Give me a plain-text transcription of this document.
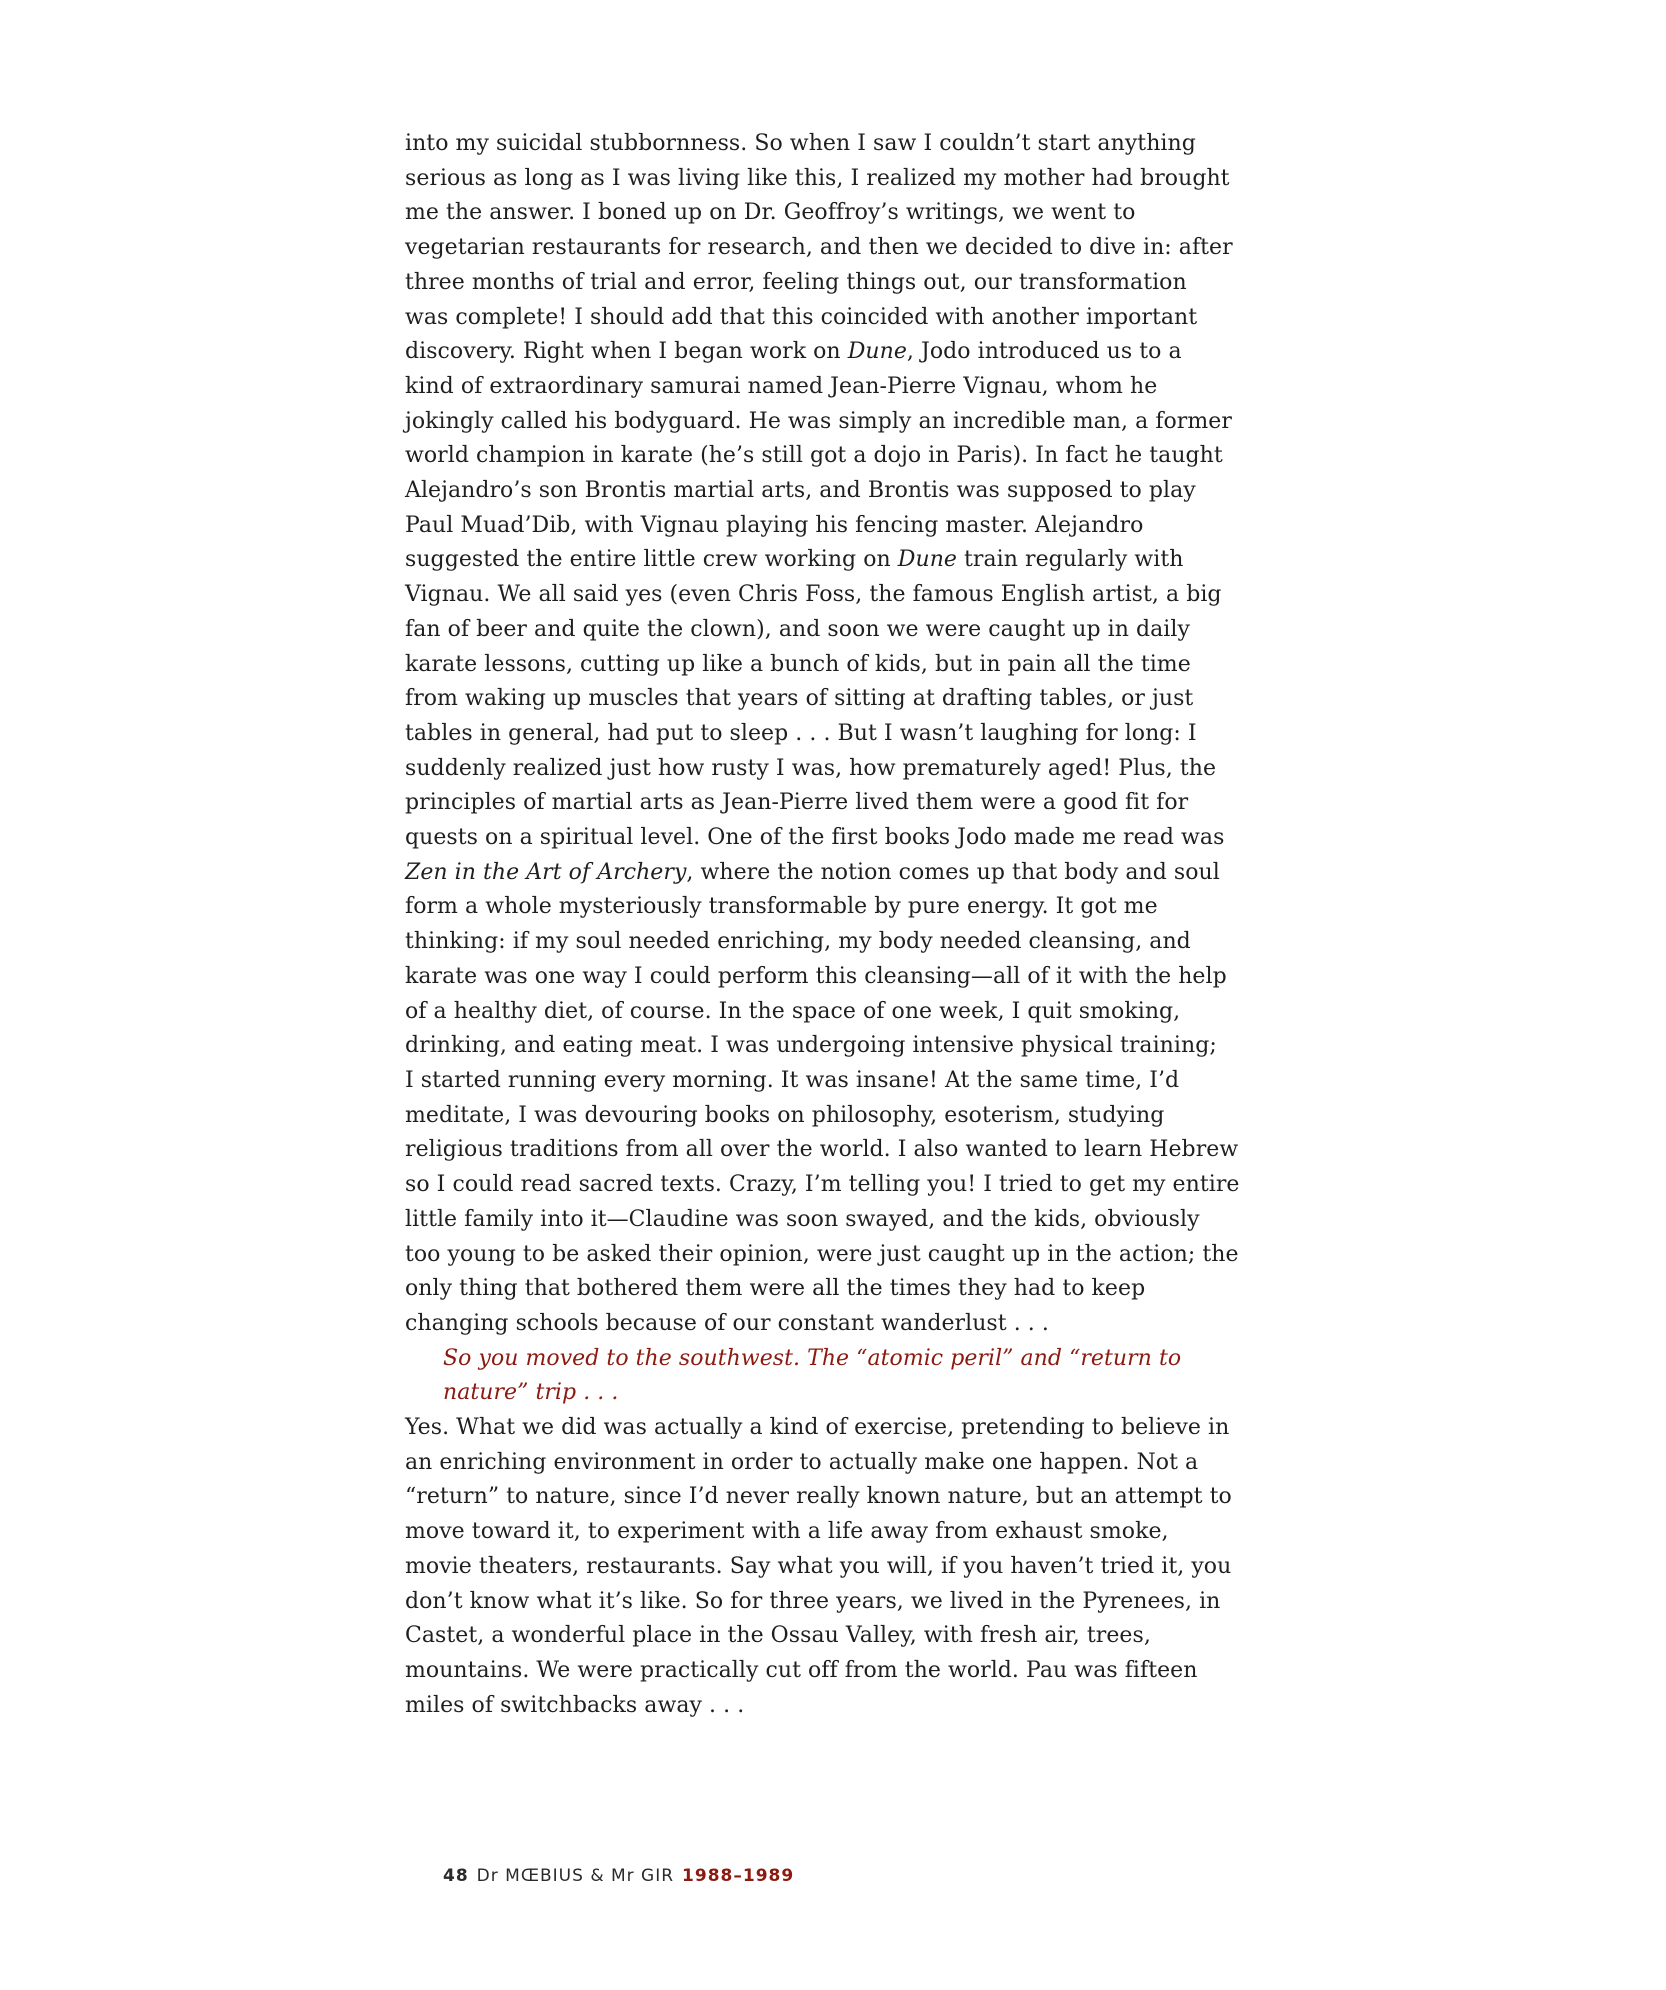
into my suicidal stubbornness. So when I saw I couldn’t start anything
serious as long as I was living like this, I realized my mother had brought
me the answer. I boned up on Dr. Geoffroy’s writings, we went to
vegetarian restaurants for research, and then we decided to dive in: after
three months of trial and error, feeling things out, our transformation
was complete! I should add that this coincided with another important
discovery. Right when I began work on Dune, Jodo introduced us to a
kind of extraordinary samurai named Jean-Pierre Vignau, whom he
jokingly called his bodyguard. He was simply an incredible man, a former
world champion in karate (he’s still got a dojo in Paris). In fact he taught
Alejandro’s son Brontis martial arts, and Brontis was supposed to play
Paul Muad’Dib, with Vignau playing his fencing master. Alejandro
suggested the entire little crew working on Dune train regularly with
Vignau. We all said yes (even Chris Foss, the famous English artist, a big
fan of beer and quite the clown), and soon we were caught up in daily
karate lessons, cutting up like a bunch of kids, but in pain all the time
from waking up muscles that years of sitting at drafting tables, or just
tables in general, had put to sleep . . . But I wasn’t laughing for long: I
suddenly realized just how rusty I was, how prematurely aged! Plus, the
principles of martial arts as Jean-Pierre lived them were a good fit for
quests on a spiritual level. One of the first books Jodo made me read was
Zen in the Art of Archery, where the notion comes up that body and soul
form a whole mysteriously transformable by pure energy. It got me
thinking: if my soul needed enriching, my body needed cleansing, and
karate was one way I could perform this cleansing—all of it with the help
of a healthy diet, of course. In the space of one week, I quit smoking,
drinking, and eating meat. I was undergoing intensive physical training;
I started running every morning. It was insane! At the same time, I’d
meditate, I was devouring books on philosophy, esoterism, studying
religious traditions from all over the world. I also wanted to learn Hebrew
so I could read sacred texts. Crazy, I’m telling you! I tried to get my entire
little family into it—Claudine was soon swayed, and the kids, obviously
too young to be asked their opinion, were just caught up in the action; the
only thing that bothered them were all the times they had to keep
changing schools because of our constant wanderlust . . .
So you moved to the southwest. The “atomic peril” and “return to
nature” trip . . .
Yes. What we did was actually a kind of exercise, pretending to believe in
an enriching environment in order to actually make one happen. Not a
“return” to nature, since I’d never really known nature, but an attempt to
move toward it, to experiment with a life away from exhaust smoke,
movie theaters, restaurants. Say what you will, if you haven’t tried it, you
don’t know what it’s like. So for three years, we lived in the Pyrenees, in
Castet, a wonderful place in the Ossau Valley, with fresh air, trees,
mountains. We were practically cut off from the world. Pau was fifteen
miles of switchbacks away . . .
48 Dr MŒBIUS & Mr GIR 1988–1989
